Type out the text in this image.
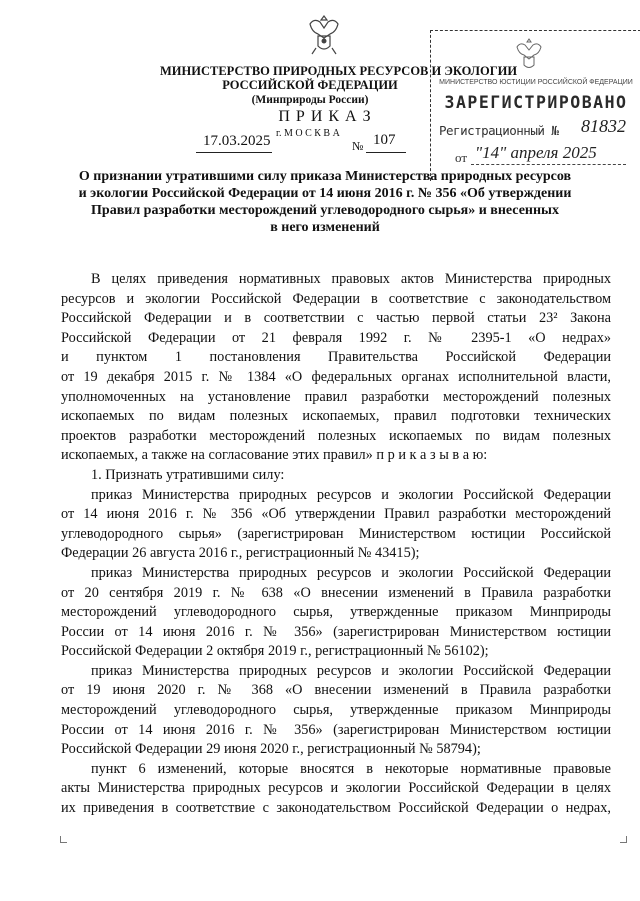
МИНИСТЕРСТВО ПРИРОДНЫХ РЕСУРСОВ И ЭКОЛОГИИ
РОССИЙСКОЙ ФЕДЕРАЦИИ
(Минприроды России)
П Р И К А З
г. М О С К В А
17.03.2025	№ 107
МИНИСТЕРСТВО ЮСТИЦИИ РОССИЙСКОЙ ФЕДЕРАЦИИ
ЗАРЕГИСТРИРОВАНО
Регистрационный № 81832
от "14" апреля 2025
О признании утратившими силу приказа Министерства природных ресурсов
и экологии Российской Федерации от 14 июня 2016 г. № 356 «Об утверждении
Правил разработки месторождений углеводородного сырья» и внесенных
в него изменений
В целях приведения нормативных правовых актов Министерства природных
ресурсов и экологии Российской Федерации в соответствие с законодательством
Российской Федерации и в соответствии с частью первой статьи 23² Закона
Российской Федерации от 21 февраля 1992 г. № 2395-1 «О недрах»
и пунктом 1 постановления Правительства Российской Федерации
от 19 декабря 2015 г. № 1384 «О федеральных органах исполнительной власти,
уполномоченных на установление правил разработки месторождений полезных
ископаемых по видам полезных ископаемых, правил подготовки технических
проектов разработки месторождений полезных ископаемых по видам полезных
ископаемых, а также на согласование этих правил» п р и к а з ы в а ю:
1. Признать утратившими силу:
приказ Министерства природных ресурсов и экологии Российской Федерации
от 14 июня 2016 г. № 356 «Об утверждении Правил разработки месторождений
углеводородного сырья» (зарегистрирован Министерством юстиции Российской
Федерации 26 августа 2016 г., регистрационный № 43415);
приказ Министерства природных ресурсов и экологии Российской Федерации
от 20 сентября 2019 г. № 638 «О внесении изменений в Правила разработки
месторождений углеводородного сырья, утвержденные приказом Минприроды
России от 14 июня 2016 г. № 356» (зарегистрирован Министерством юстиции
Российской Федерации 2 октября 2019 г., регистрационный № 56102);
приказ Министерства природных ресурсов и экологии Российской Федерации
от 19 июня 2020 г. № 368 «О внесении изменений в Правила разработки
месторождений углеводородного сырья, утвержденные приказом Минприроды
России от 14 июня 2016 г. № 356» (зарегистрирован Министерством юстиции
Российской Федерации 29 июня 2020 г., регистрационный № 58794);
пункт 6 изменений, которые вносятся в некоторые нормативные правовые
акты Министерства природных ресурсов и экологии Российской Федерации в целях
их приведения в соответствие с законодательством Российской Федерации о недрах,
